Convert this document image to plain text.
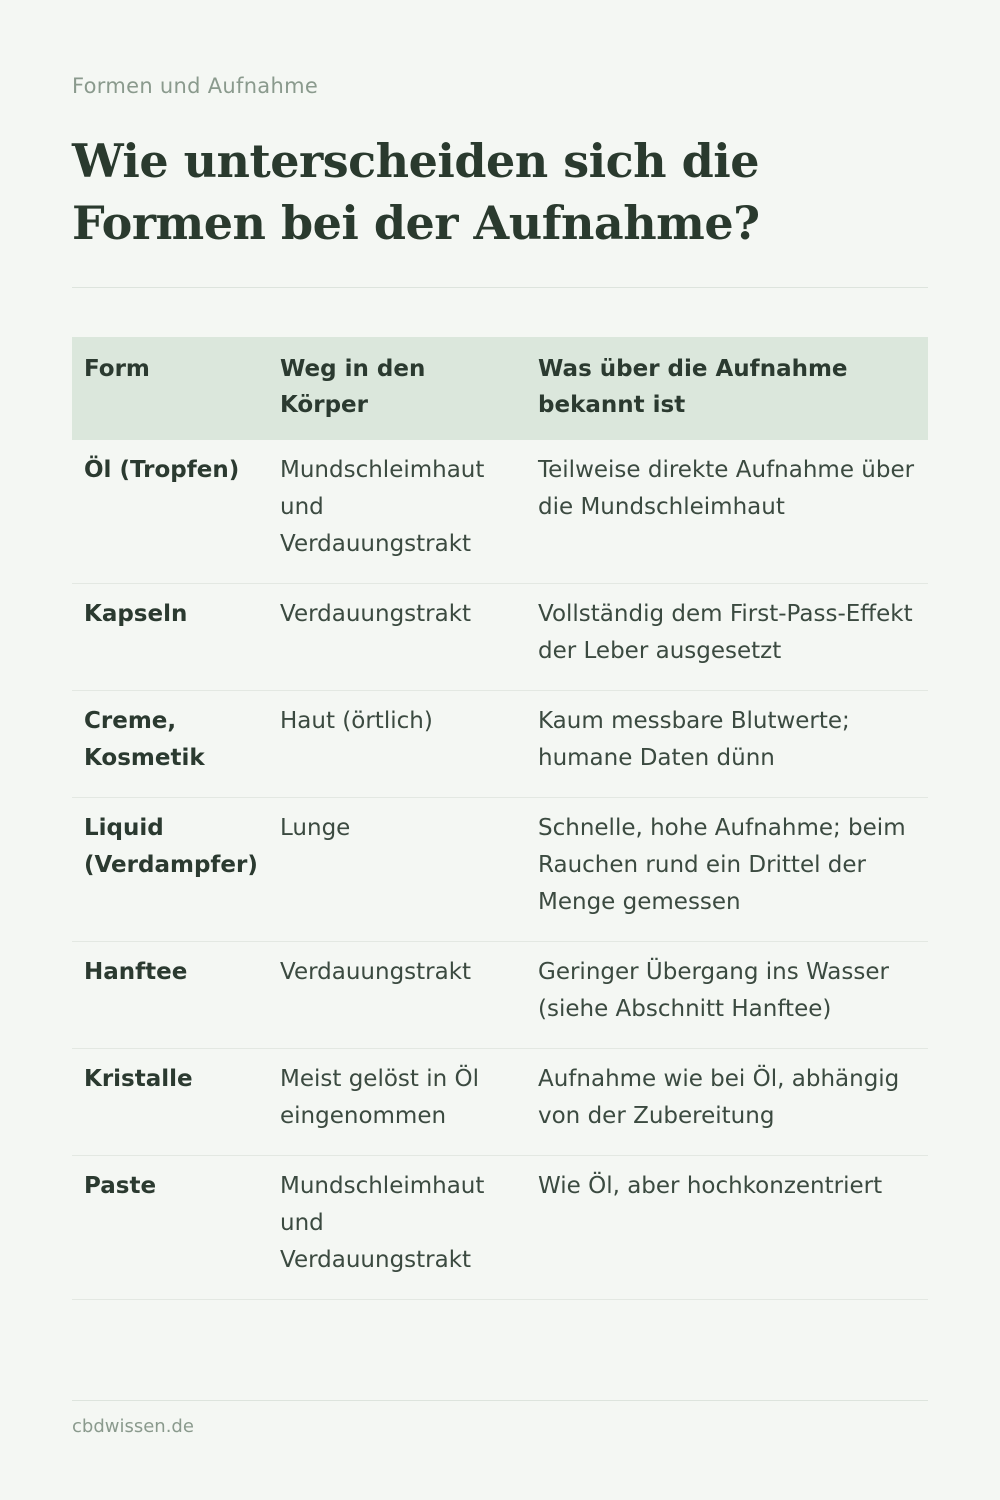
Formen und Aufnahme
Wie unterscheiden sich die Formen bei der Aufnahme?
Form	Weg in den Körper	Was über die Aufnahme bekannt ist
Öl (Tropfen)	Mundschleimhaut und Verdauungstrakt	Teilweise direkte Aufnahme über die Mundschleimhaut
Kapseln	Verdauungstrakt	Vollständig dem First-Pass-Effekt der Leber ausgesetzt
Creme, Kosmetik	Haut (örtlich)	Kaum messbare Blutwerte; humane Daten dünn
Liquid (Verdampfer)	Lunge	Schnelle, hohe Aufnahme; beim Rauchen rund ein Drittel der Menge gemessen
Hanftee	Verdauungstrakt	Geringer Übergang ins Wasser (siehe Abschnitt Hanftee)
Kristalle	Meist gelöst in Öl eingenommen	Aufnahme wie bei Öl, abhängig von der Zubereitung
Paste	Mundschleimhaut und Verdauungstrakt	Wie Öl, aber hochkonzentriert
cbdwissen.de
